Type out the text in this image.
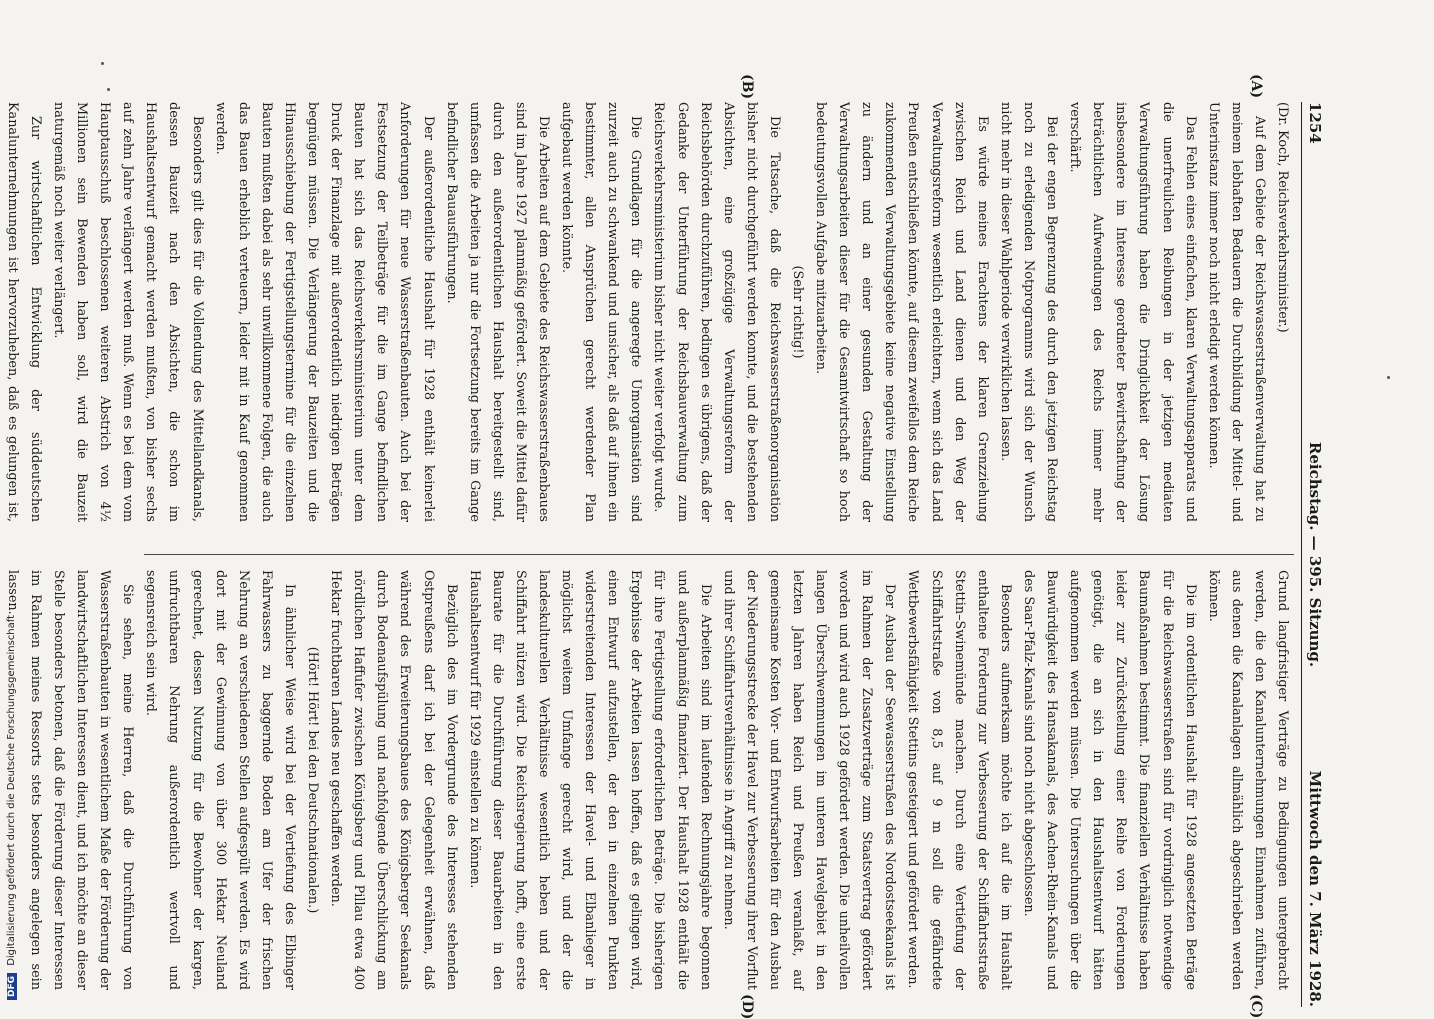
1254
Reichstag. — 395. Sitzung.
Mittwoch den 7. März 1928.
(A)
(B)
(C)
(D)

(Dr. Koch, Reichsverkehrsminister.)

Auf dem Gebiete der Reichswasserstraßenverwaltung hat zu meinem lebhaften Bedauern die Durchbildung der Mittel- und Unterinstanz immer noch nicht erledigt werden können.

Das Fehlen eines einfachen, klaren Verwaltungsapparats und die unerfreulichen Reibungen in der jetzigen mediaten Verwaltungsführung haben die Dringlichkeit der Lösung insbesondere im Interesse geordneter Bewirtschaftung der beträchtlichen Aufwendungen des Reichs immer mehr verschärft.

Bei der engen Begrenzung des durch den jetzigen Reichstag noch zu erledigenden Notprogramms wird sich der Wunsch nicht mehr in dieser Wahlperiode verwirklichen lassen.

Es würde meines Erachtens der klaren Grenzziehung zwischen Reich und Land dienen und den Weg der Verwaltungsreform wesentlich erleichtern, wenn sich das Land Preußen entschließen könnte, auf diesem zweifellos dem Reiche zukommenden Verwaltungsgebiete keine negative Einstellung zu ändern und an einer gesunden Gestaltung der Verwaltungsarbeiten dieser für die Gesamtwirtschaft so hoch bedeutungsvollen Aufgabe mitzuarbeiten.

(Sehr richtig!)

Die Tatsache, daß die Reichswasserstraßenorganisation bisher nicht durchgeführt werden konnte, und die bestehenden Absichten, eine großzügige Verwaltungsreform der Reichsbehörden durchzuführen, bedingen es übrigens, daß der Gedanke der Unterführung der Reichsbauverwaltung zum Reichsverkehrsministerium bisher nicht weiter verfolgt wurde.

Die Grundlagen für die angeregte Umorganisation sind zurzeit auch zu schwankend und unsicher, als daß auf ihnen ein bestimmter, allen Ansprüchen gerecht werdender Plan aufgebaut werden könnte.

Die Arbeiten auf dem Gebiete des Reichswasserstraßenbaues sind im Jahre 1927 planmäßig gefördert. Soweit die Mittel dafür durch den außerordentlichen Haushalt bereitgestellt sind, umfassen die Arbeiten ja nur die Fortsetzung bereits im Gange befindlicher Bauausführungen.

Der außerordentliche Haushalt für 1928 enthält keinerlei Anforderungen für neue Wasserstraßenbauten. Auch bei der Festsetzung der Teilbeträge für die im Gange befindlichen Bauten hat sich das Reichsverkehrsministerium unter dem Druck der Finanzlage mit außerordentlich niedrigen Beträgen begnügen müssen. Die Verlängerung der Bauzeiten und die Hinausschiebung der Fertigstellungstermine für die einzelnen Bauten mußten dabei als sehr unwillkommene Folgen, die auch das Bauen erheblich verteuern, leider mit in Kauf genommen werden.

Besonders gilt dies für die Vollendung des Mittellandkanals, dessen Bauzeit nach den Absichten, die schon im Haushaltsentwurf gemacht werden mußten, von bisher sechs auf zehn Jahre verlängert werden muß. Wenn es bei dem vom Hauptausschuß beschlossenen weiteren Abstrich von 4½ Millionen sein Bewenden haben soll, wird die Bauzeit naturgemäß noch weiter verlängert.

Zur wirtschaftlichen Entwicklung der süddeutschen Kanalunternehmungen ist hervorzuheben, daß es gelungen ist,

Grund langfristiger Verträge zu Bedingungen untergebracht werden, die den Kanalunternehmungen Einnahmen zuführen, aus denen die Kanalanlagen allmählich abgeschrieben werden können.

Die im ordentlichen Haushalt für 1928 angesetzten Beträge für die Reichswasserstraßen sind für vordringlich notwendige Baumaßnahmen bestimmt. Die finanziellen Verhältnisse haben leider zur Zurückstellung einer Reihe von Forderungen genötigt, die an sich in den Haushaltsentwurf hätten aufgenommen werden müssen. Die Untersuchungen über die Bauwürdigkeit des Hansakanals, des Aachen-Rhein-Kanals und des Saar-Pfalz-Kanals sind noch nicht abgeschlossen.

Besonders aufmerksam möchte ich auf die im Haushalt enthaltene Forderung zur Verbesserung der Schiffahrtsstraße Stettin–Swinemünde machen. Durch eine Vertiefung der Schiffahrtstraße von 8,5 auf 9 m soll die gefährdete Wettbewerbsfähigkeit Stettins gesteigert und gefördert werden.

Der Ausbau der Seewasserstraßen des Nordostseekanals ist im Rahmen der Zusatzverträge zum Staatsvertrag gefördert worden und wird auch 1928 gefördert werden. Die unheilvollen langen Überschwemmungen im unteren Havelgebiet in den letzten Jahren haben Reich und Preußen veranlaßt, auf gemeinsame Kosten Vor- und Entwurfsarbeiten für den Ausbau der Niederungsstrecke der Havel zur Verbesserung ihrer Vorflut und ihrer Schiffahrtsverhältnisse in Angriff zu nehmen.

Die Arbeiten sind im laufenden Rechnungsjahre begonnen und außerplanmäßig finanziert. Der Haushalt 1928 enthält die für ihre Fertigstellung erforderlichen Beträge. Die bisherigen Ergebnisse der Arbeiten lassen hoffen, daß es gelingen wird, einen Entwurf aufzustellen, der den in einzelnen Punkten widerstreitenden Interessen der Havel- und Elbanlieger in möglichst weitem Umfange gerecht wird, und der die landeskulturellen Verhältnisse wesentlich heben und der Schiffahrt nützen wird. Die Reichsregierung hofft, eine erste Baurate für die Durchführung dieser Bauarbeiten in den Haushaltsentwurf für 1929 einstellen zu können.

Bezüglich des im Vordergrunde des Interesses stehenden Ostpreußens darf ich bei der Gelegenheit erwähnen, daß während des Erweiterungsbaues des Königsberger Seekanals durch Bodenaufspülung und nachfolgende Überschlickung am nördlichen Haffufer zwischen Königsberg und Pillau etwa 400 Hektar fruchtbaren Landes neu geschaffen werden.

(Hört! Hört! bei den Deutschnationalen.)

In ähnlicher Weise wird bei der Vertiefung des Elbinger Fahrwassers zu baggernde Boden am Ufer der frischen Nehrung an verschiedenen Stellen aufgespült werden. Es wird dort mit der Gewinnung von über 300 Hektar Neuland gerechnet, dessen Nutzung für die Bewohner der kargen, unfruchtbaren Nehrung außerordentlich wertvoll und segensreich sein wird.

Sie sehen, meine Herren, daß die Durchführung von Wasserstraßenbauten in wesentlichem Maße der Förderung der landwirtschaftlichen Interessen dient, und ich möchte an dieser Stelle besonders betonen, daß die Förderung dieser Interessen im Rahmen meines Ressorts stets besonders angelegen sein lassen.

DFG Digitalisierung gefördert durch die Deutsche Forschungsgemeinschaft
